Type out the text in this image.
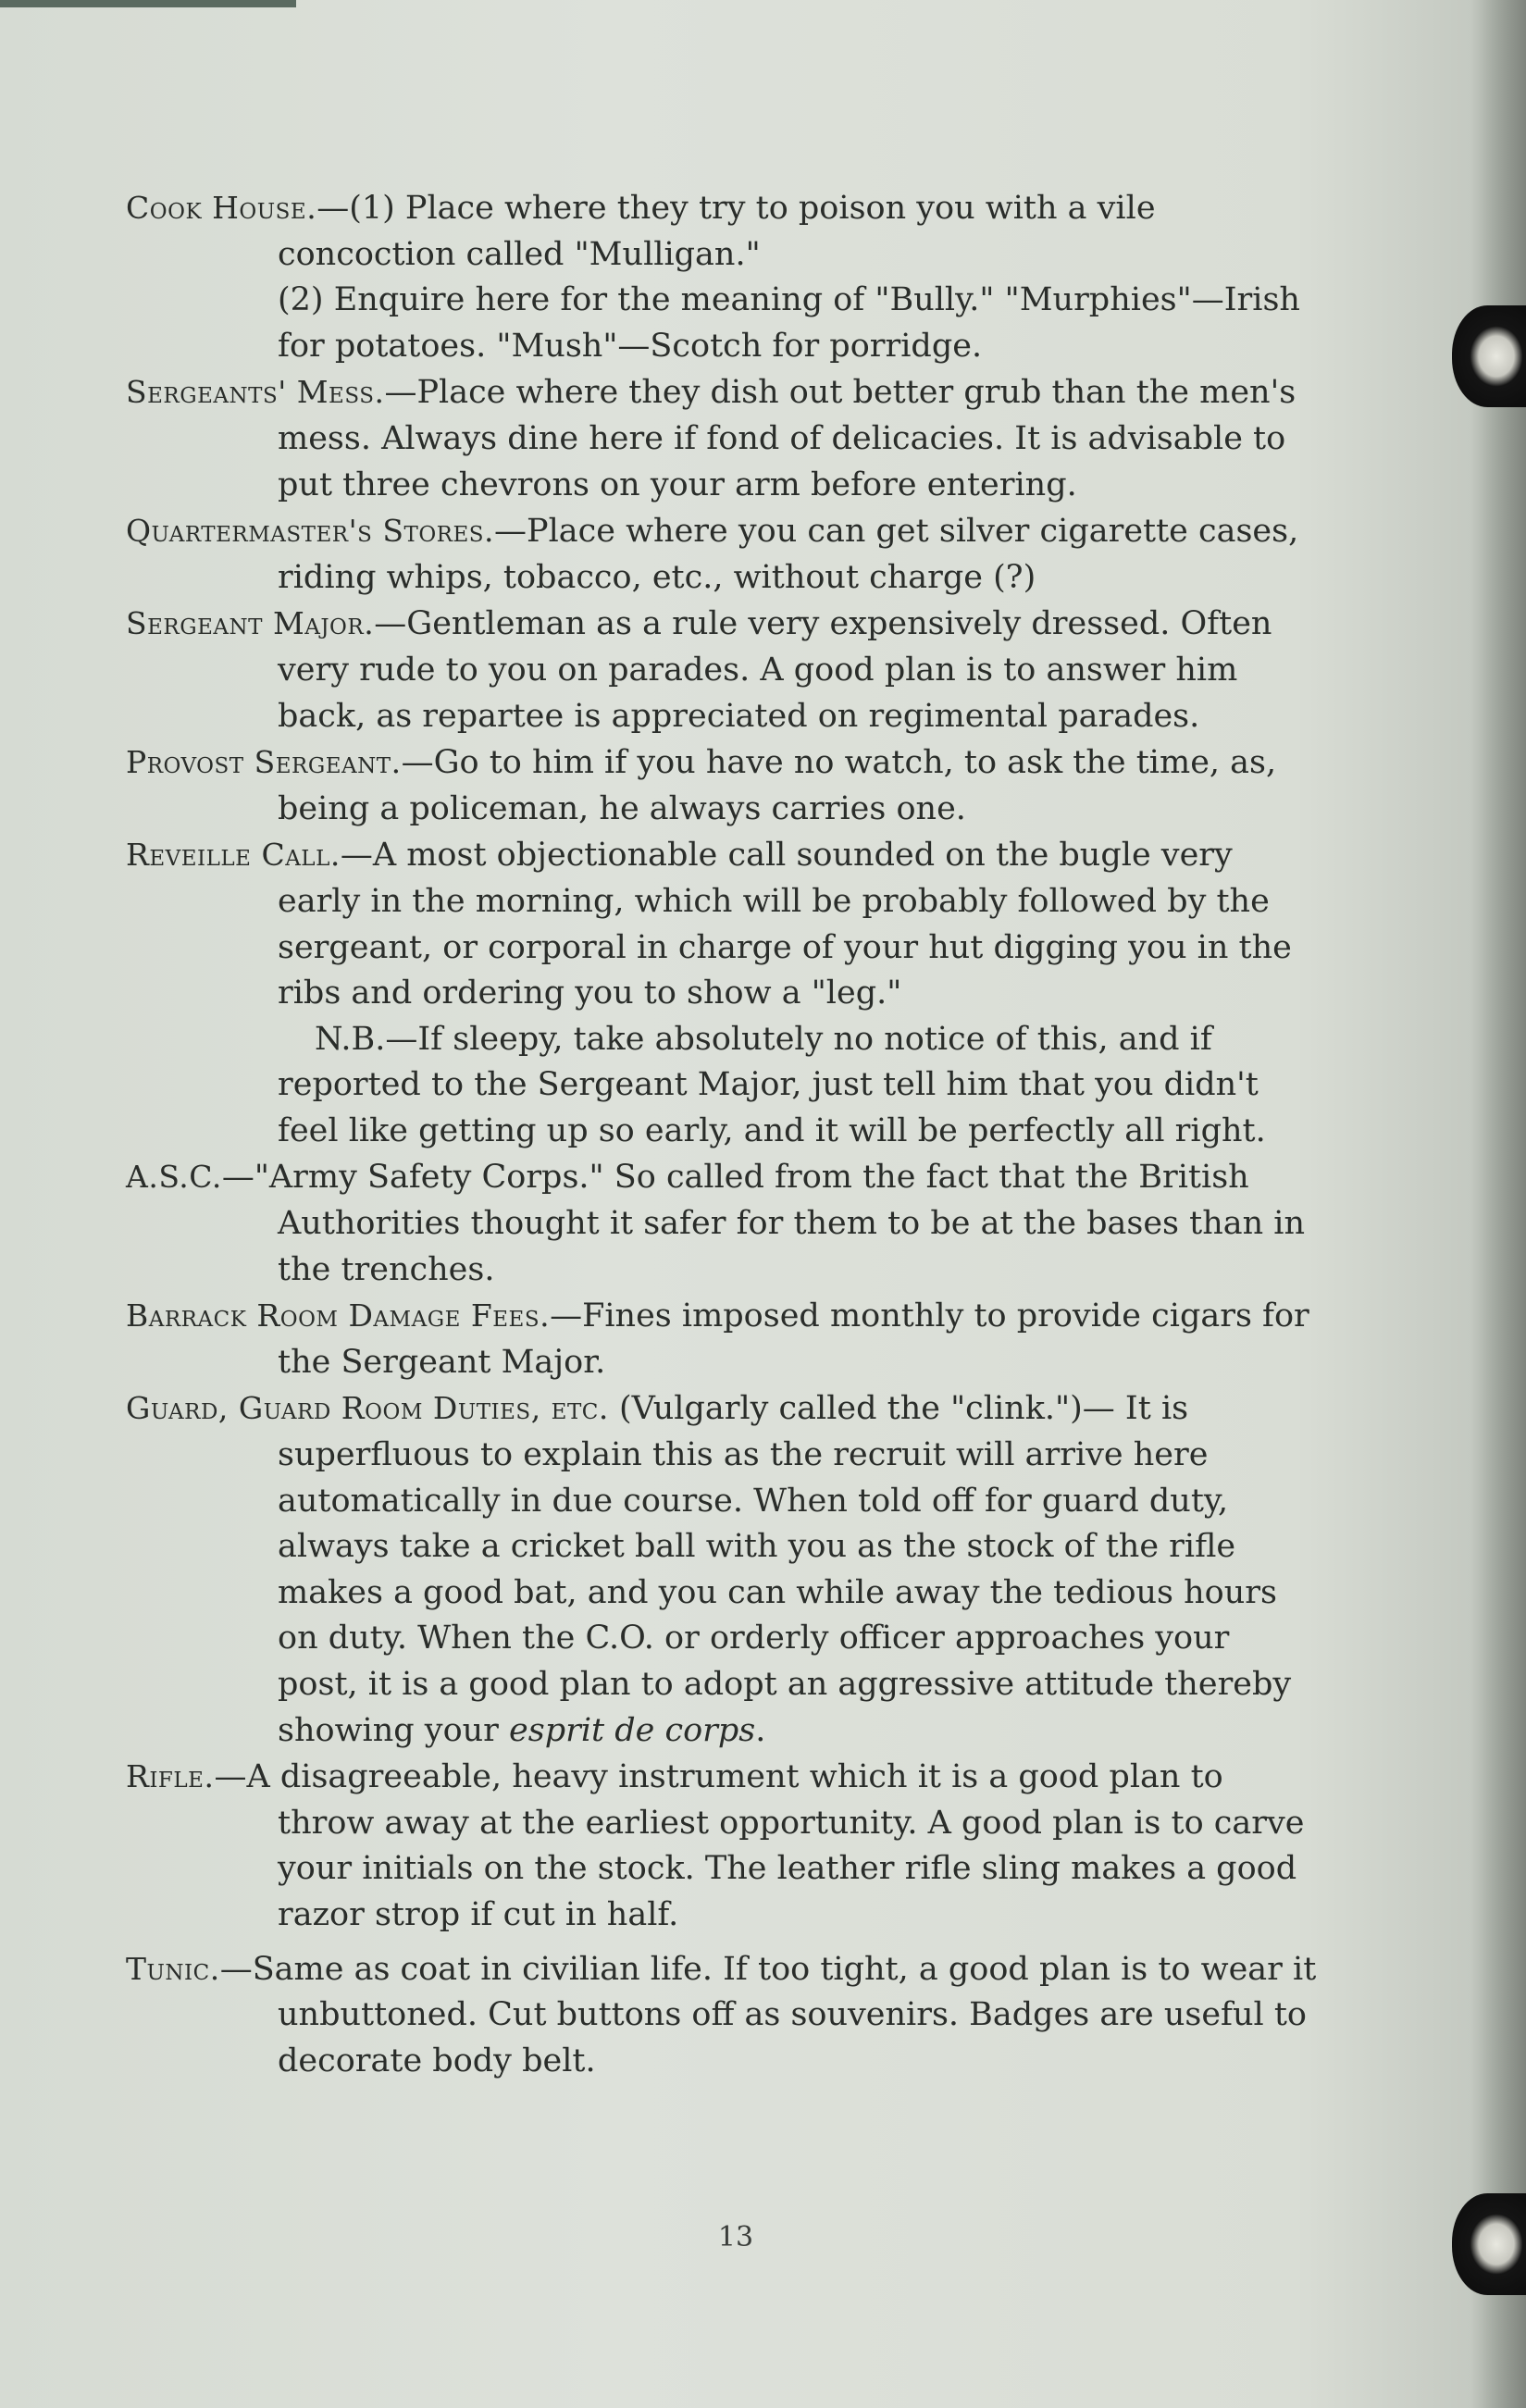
Cook House.—(1) Place where they try to poison you with a vile concoction called "Mulligan."

(2) Enquire here for the meaning of "Bully." "Murphies"—Irish for potatoes. "Mush"—Scotch for porridge.

Sergeants' Mess.—Place where they dish out better grub than the men's mess. Always dine here if fond of delicacies. It is advisable to put three chevrons on your arm before entering.

Quartermaster's Stores.—Place where you can get silver cigarette cases, riding whips, tobacco, etc., without charge (?)

Sergeant Major.—Gentleman as a rule very expensively dressed. Often very rude to you on parades. A good plan is to answer him back, as repartee is appreciated on regimental parades.

Provost Sergeant.—Go to him if you have no watch, to ask the time, as, being a policeman, he always carries one.

Reveille Call.—A most objectionable call sounded on the bugle very early in the morning, which will be probably followed by the sergeant, or corporal in charge of your hut digging you in the ribs and ordering you to show a "leg."

N.B.—If sleepy, take absolutely no notice of this, and if reported to the Sergeant Major, just tell him that you didn't feel like getting up so early, and it will be perfectly all right.

A.S.C.—"Army Safety Corps." So called from the fact that the British Authorities thought it safer for them to be at the bases than in the trenches.

Barrack Room Damage Fees.—Fines imposed monthly to provide cigars for the Sergeant Major.

Guard, Guard Room Duties, etc. (Vulgarly called the "clink.")— It is superfluous to explain this as the recruit will arrive here automatically in due course. When told off for guard duty, always take a cricket ball with you as the stock of the rifle makes a good bat, and you can while away the tedious hours on duty. When the C.O. or orderly officer approaches your post, it is a good plan to adopt an aggressive attitude thereby showing your esprit de corps.

Rifle.—A disagreeable, heavy instrument which it is a good plan to throw away at the earliest opportunity. A good plan is to carve your initials on the stock. The leather rifle sling makes a good razor strop if cut in half.

Tunic.—Same as coat in civilian life. If too tight, a good plan is to wear it unbuttoned. Cut buttons off as souvenirs. Badges are useful to decorate body belt.

13
